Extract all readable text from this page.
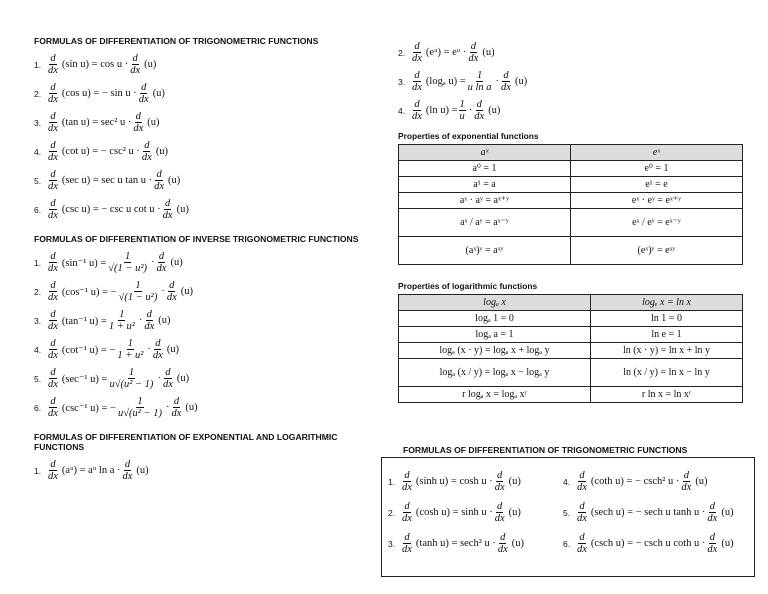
FORMULAS OF DIFFERENTIATION OF TRIGONOMETRIC FUNCTIONS
1. $\frac{d}{dx} (\sin$ $u) = \cos u \cdot \frac{d}{dx} (u)$
2. $\frac{d}{dx} (\cos$ u) = − $\sin u \cdot \frac{d}{dx} (u)$
3. $\frac{d}{dx} (\tan$ u) = sec² $u \cdot \frac{d}{dx} (u)$
4. $\frac{d}{dx} (\cot$ u) = − csc² $u \cdot \frac{d}{dx} (u)$
5. $\frac{d}{dx} (\sec$ u) = sec u $\tan u \cdot \frac{d}{dx} (u)$
6. $\frac{d}{dx} (\csc$ u) = − csc u $\cot u \cdot \frac{d}{dx} (u)$
FORMULAS OF DIFFERENTIATION OF INVERSE TRIGONOMETRIC FUNCTIONS
1. $\frac{d}{dx} (\sin^{-1}$ $u) = \frac{1}{\text{√(1 − u²)}} \cdot \frac{d}{dx} (u)$
2. $\frac{d}{dx} (\cos^{-1}$ u) = − $\frac{1}{\text{√(1 − u²)}} \cdot \frac{d}{dx} (u)$
3. $\frac{d}{dx} (\tan^{-1}$ $u) = \frac{1}{\text{1 + u²}} \cdot \frac{d}{dx} (u)$
4. $\frac{d}{dx} (\cot^{-1}$ u) = − $\frac{1}{\text{1 + u²}} \cdot \frac{d}{dx} (u)$
5. $\frac{d}{dx} (\sec^{-1}$ $u) = \frac{1}{\text{u√(u² − 1)}} \cdot \frac{d}{dx} (u)$
6. $\frac{d}{dx} (\csc^{-1}$ u) = − $\frac{1}{\text{u√(u² − 1)}} \cdot \frac{d}{dx} (u)$
FORMULAS OF DIFFERENTIATION OF EXPONENTIAL AND LOGARITHMIC FUNCTIONS
1. $\frac{d}{dx}$ (aᵘ) = aᵘ $\ln a \cdot \frac{d}{dx} (u)$
2. $\frac{d}{dx}$ (eᵘ) = eᵘ · $\frac{d}{dx} (u)$
3. $\frac{d}{dx} (\log_a$ $u) = \frac{1}{\text{u ln a}} \cdot \frac{d}{dx} (u)$
4. $\frac{d}{dx} (\ln$ $u) = \frac{1}{u} \cdot \frac{d}{dx} (u)$
Properties of exponential functions
aˣ	eˣ
a⁰ = 1	e⁰ = 1
a¹ = a	e¹ = e
aˣ · aʸ = aˣ⁺ʸ	eˣ · eʸ = eˣ⁺ʸ
aˣ / aʸ = aˣ⁻ʸ	eˣ / eʸ = eˣ⁻ʸ
(aˣ)ʸ = aˣʸ	(eˣ)ʸ = eˣʸ
Properties of logarithmic functions
logₐ x	logₑ x = ln x
logₐ 1 = 0	ln 1 = 0
logₐ a = 1	ln e = 1
logₐ (x · y) = logₐ x + logₐ y	ln (x · y) = ln x + ln y
logₐ (x / y) = logₐ x − logₐ y	ln (x / y) = ln x − ln y
r logₐ x = logₐ xʳ	r ln x = ln xʳ
FORMULAS OF DIFFERENTIATION OF TRIGONOMETRIC FUNCTIONS
1. $\frac{d}{dx} (\sinh$ $u) = \cosh u \cdot \frac{d}{dx} (u)$
2. $\frac{d}{dx} (\cosh$ $u) = \sinh u \cdot \frac{d}{dx} (u)$
3. $\frac{d}{dx} (\tanh$ u) = sech² $u \cdot \frac{d}{dx} (u)$
4. $\frac{d}{dx} (\cot h$ u) = − csch² $u \cdot \frac{d}{dx} (u)$
5. $\frac{d}{dx} (\sec h$ u) = − sech u $\tanh u \cdot \frac{d}{dx} (u)$
6. $\frac{d}{dx} (\csc h$ u) = − csch u coth $u \cdot \frac{d}{dx} (u)$
